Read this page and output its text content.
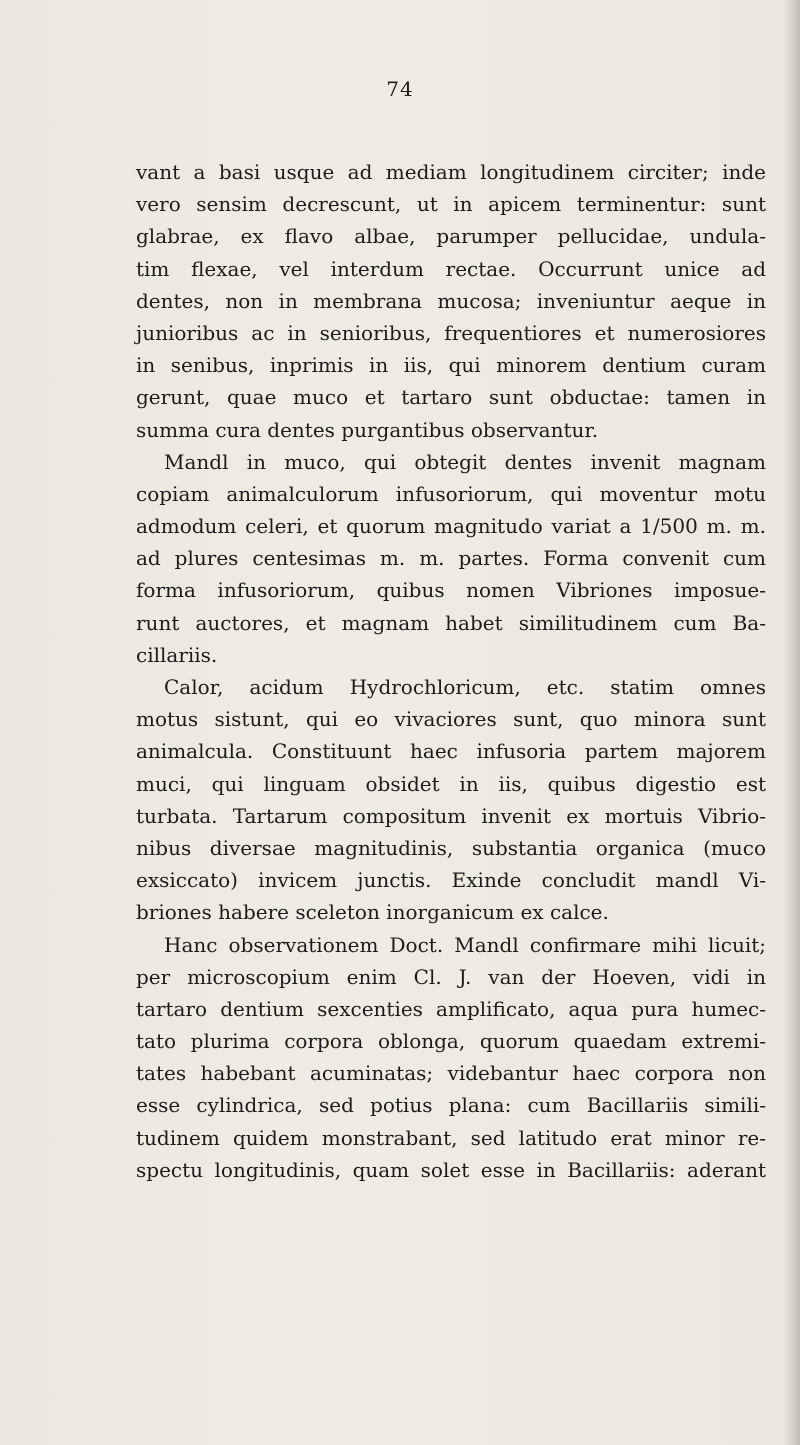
74
vant a basi usque ad mediam longitudinem circiter; inde
vero sensim decrescunt, ut in apicem terminentur: sunt
glabrae, ex flavo albae, parumper pellucidae, undula-
tim flexae, vel interdum rectae. Occurrunt unice ad
dentes, non in membrana mucosa; inveniuntur aeque in
junioribus ac in senioribus, frequentiores et numerosiores
in senibus, inprimis in iis, qui minorem dentium curam
gerunt, quae muco et tartaro sunt obductae: tamen in
summa cura dentes purgantibus observantur.
Mandl in muco, qui obtegit dentes invenit magnam
copiam animalculorum infusoriorum, qui moventur motu
admodum celeri, et quorum magnitudo variat a 1/500 m. m.
ad plures centesimas m. m. partes. Forma convenit cum
forma infusoriorum, quibus nomen Vibriones imposue-
runt auctores, et magnam habet similitudinem cum Ba-
cillariis.
Calor, acidum Hydrochloricum, etc. statim omnes
motus sistunt, qui eo vivaciores sunt, quo minora sunt
animalcula. Constituunt haec infusoria partem majorem
muci, qui linguam obsidet in iis, quibus digestio est
turbata. Tartarum compositum invenit ex mortuis Vibrio-
nibus diversae magnitudinis, substantia organica (muco
exsiccato) invicem junctis. Exinde concludit mandl Vi-
briones habere sceleton inorganicum ex calce.
Hanc observationem Doct. Mandl confirmare mihi licuit;
per microscopium enim Cl. J. van der Hoeven, vidi in
tartaro dentium sexcenties amplificato, aqua pura humec-
tato plurima corpora oblonga, quorum quaedam extremi-
tates habebant acuminatas; videbantur haec corpora non
esse cylindrica, sed potius plana: cum Bacillariis simili-
tudinem quidem monstrabant, sed latitudo erat minor re-
spectu longitudinis, quam solet esse in Bacillariis: aderant
